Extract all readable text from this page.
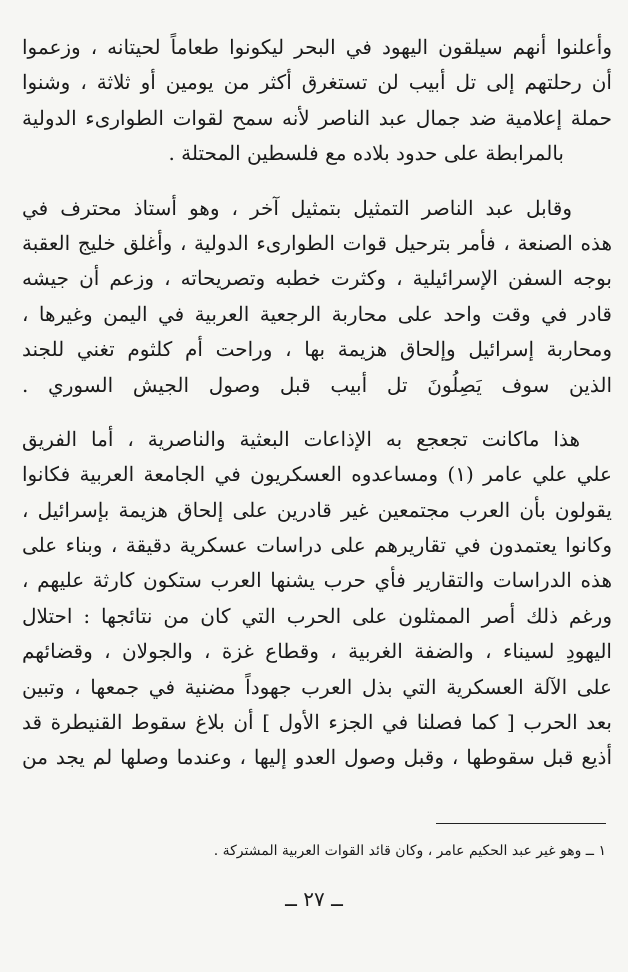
وأعلنوا أنهم سيلقون اليهود في البحر ليكونوا طعاماً لحيتانه ، وزعموا
أن رحلتهم إلى تل أبيب لن تستغرق أكثر من يومين أو ثلاثة ، وشنوا
حملة إعلامية ضد جمال عبد الناصر لأنه سمح لقوات الطوارىء الدولية
بالمرابطة على حدود بلاده مع فلسطين المحتلة .

وقابل عبد الناصر التمثيل بتمثيل آخر ، وهو أستاذ محترف في
هذه الصنعة ، فأمر بترحيل قوات الطوارىء الدولية ، وأغلق خليج العقبة
بوجه السفن الإسرائيلية ، وكثرت خطبه وتصريحاته ، وزعم أن جيشه
قادر في وقت واحد على محاربة الرجعية العربية في اليمن وغيرها ،
ومحاربة إسرائيل وإلحاق هزيمة بها ، وراحت أم كلثوم تغني للجند
الذين سوف يَصِلُونَ تل أبيب قبل وصول الجيش السوري .

هذا ماكانت تجعجع به الإذاعات البعثية والناصرية ، أما الفريق
علي علي عامر (١) ومساعدوه العسكريون في الجامعة العربية فكانوا
يقولون بأن العرب مجتمعين غير قادرين على إلحاق هزيمة بإسرائيل ،
وكانوا يعتمدون في تقاريرهم على دراسات عسكرية دقيقة ، وبناء على
هذه الدراسات والتقارير فأي حرب يشنها العرب ستكون كارثة عليهم ،
ورغم ذلك أصر الممثلون على الحرب التي كان من نتائجها : احتلال
اليهودِ لسيناء ، والضفة الغربية ، وقطاع غزة ، والجولان ، وقضائهم
على الآلة العسكرية التي بذل العرب جهوداً مضنية في جمعها ، وتبين
بعد الحرب [ كما فصلنا في الجزء الأول ] أن بلاغ سقوط القنيطرة قد
أذيع قبل سقوطها ، وقبل وصول العدو إليها ، وعندما وصلها لم يجد من

١ ــ وهو غير عبد الحكيم عامر ، وكان قائد القوات العربية المشتركة .
ــ ٢٧ ــ
